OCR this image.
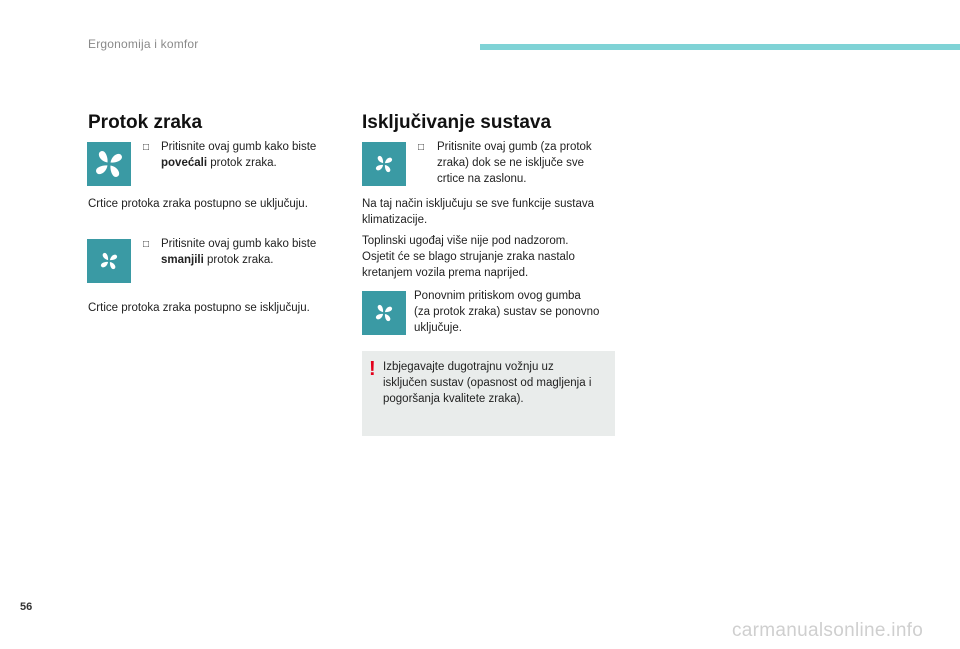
Ergonomija i komfor
Protok zraka
□ Pritisnite ovaj gumb kako biste
povećali protok zraka.
Crtice protoka zraka postupno se uključuju.
□ Pritisnite ovaj gumb kako biste
smanjili protok zraka.
Crtice protoka zraka postupno se isključuju.
Isključivanje sustava
□ Pritisnite ovaj gumb (za protok
zraka) dok se ne isključe sve
crtice na zaslonu.
Na taj način isključuju se sve funkcije sustava
klimatizacije.
Toplinski ugođaj više nije pod nadzorom.
Osjetit će se blago strujanje zraka nastalo
kretanjem vozila prema naprijed.
Ponovnim pritiskom ovog gumba
(za protok zraka) sustav se ponovno
uključuje.
! Izbjegavajte dugotrajnu vožnju uz
isključen sustav (opasnost od magljenja i
pogoršanja kvalitete zraka).
56
carmanualsonline.info
